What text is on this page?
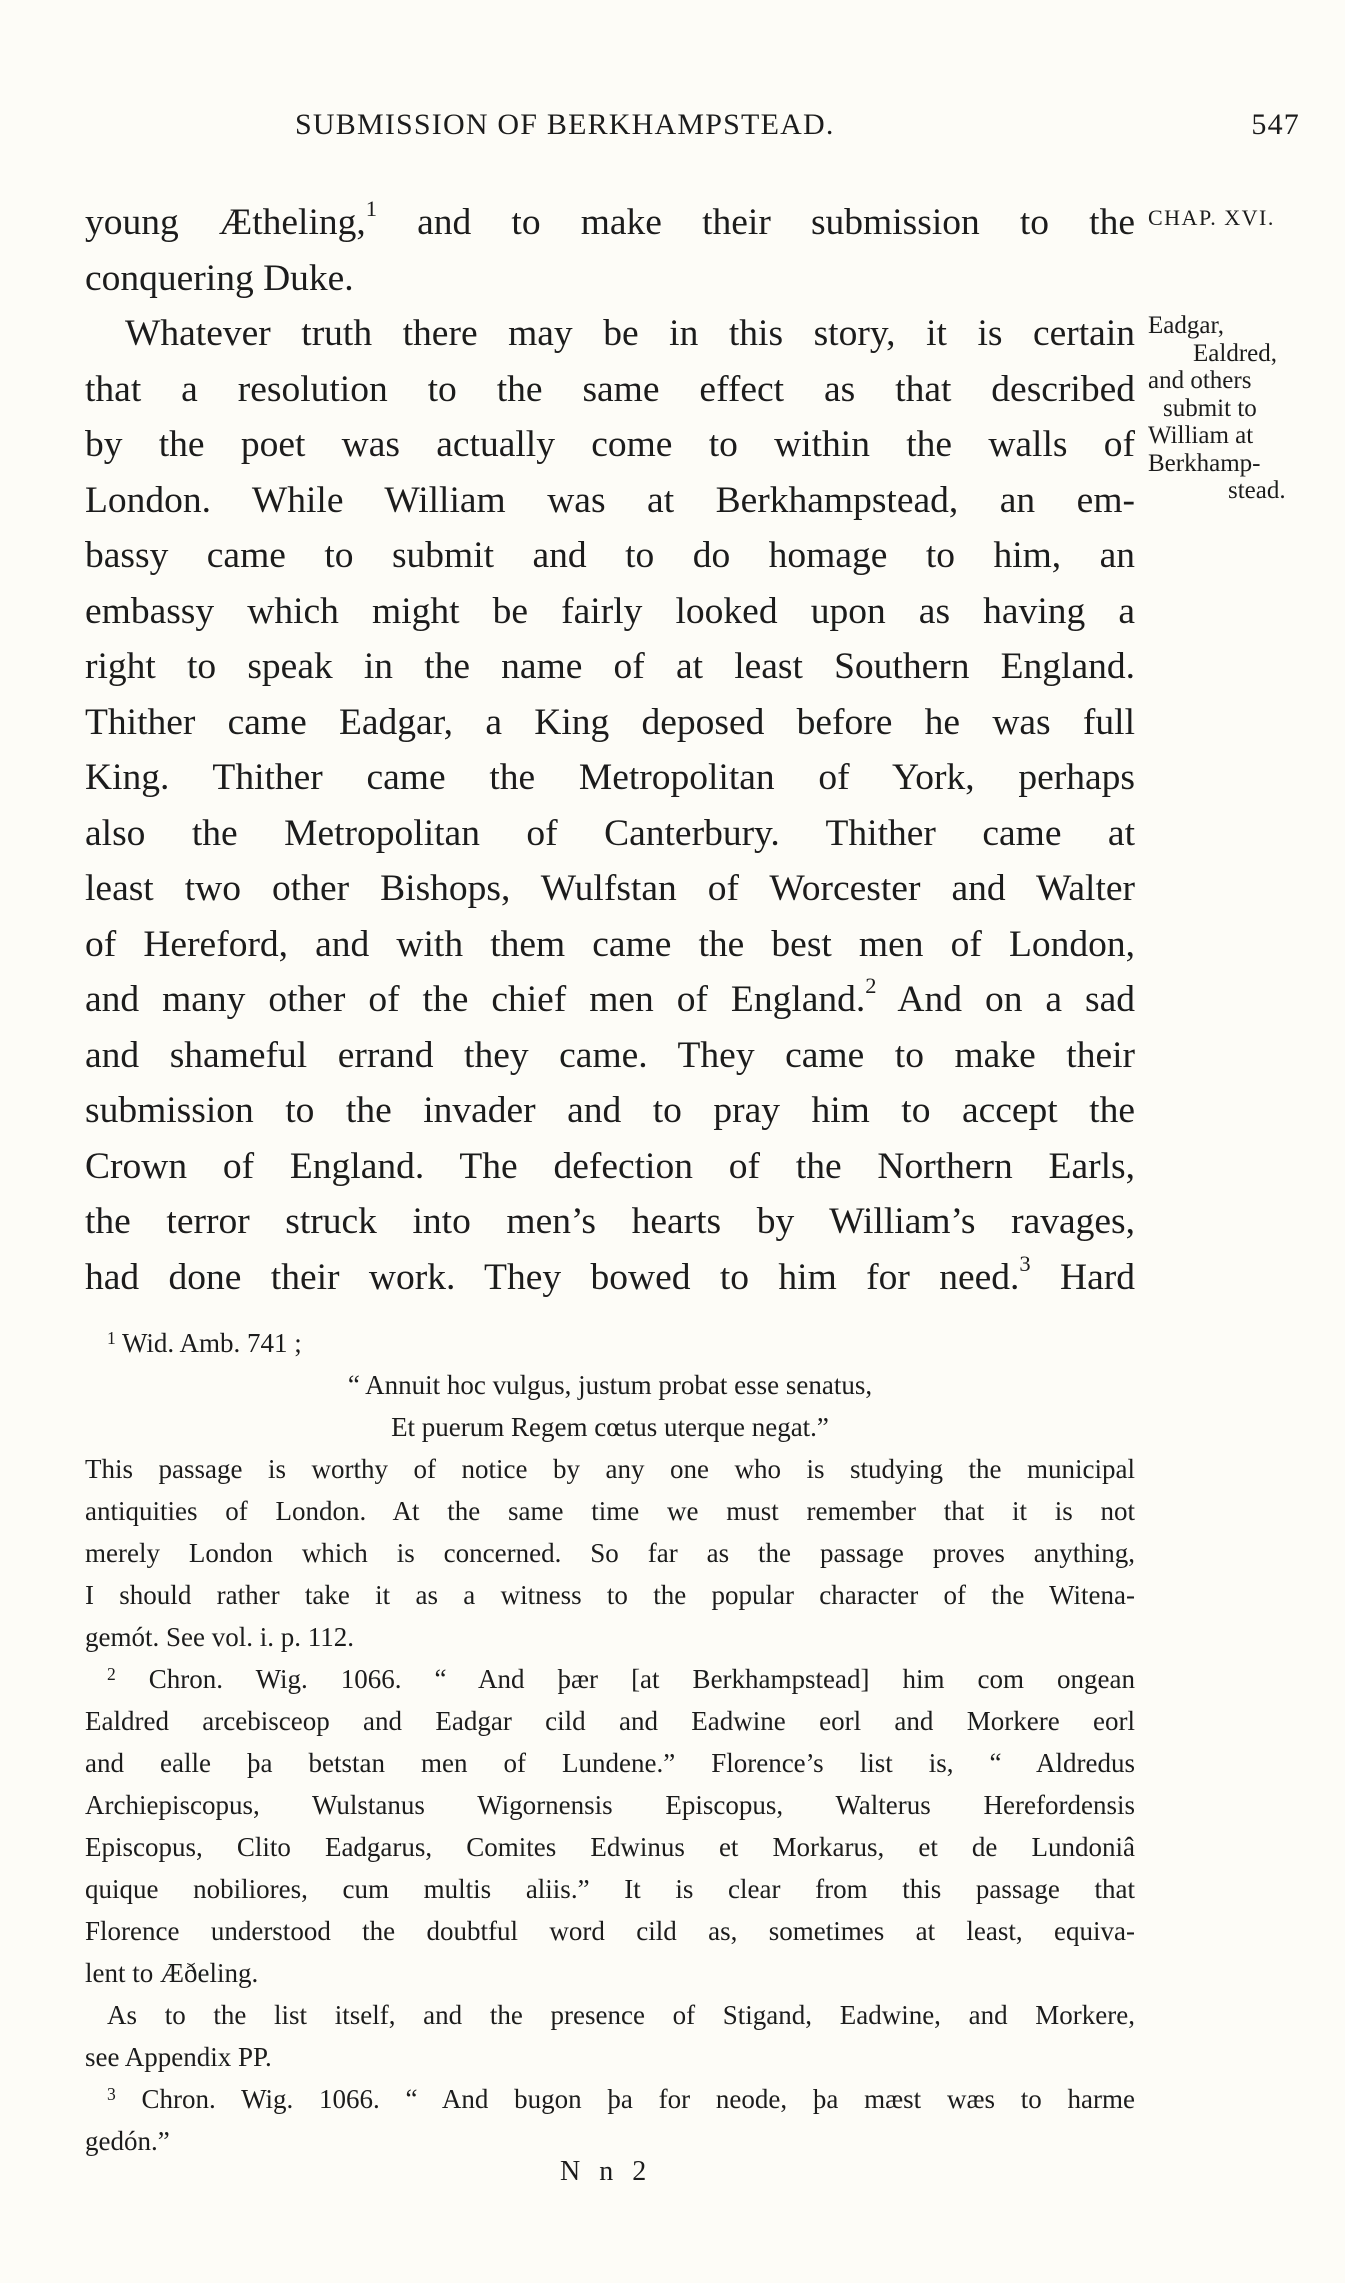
SUBMISSION OF BERKHAMPSTEAD.	547
CHAP. XVI.
Eadgar,
Ealdred,
and others
submit to
William at
Berkhamp-
stead.
young Ætheling,$^1$ and to make their submission to the
conquering Duke.
Whatever truth there may be in this story, it is certain
that a resolution to the same effect as that described
by the poet was actually come to within the walls of
London. While William was at Berkhampstead, an em-
bassy came to submit and to do homage to him, an
embassy which might be fairly looked upon as having a
right to speak in the name of at least Southern England.
Thither came Eadgar, a King deposed before he was full
King. Thither came the Metropolitan of York, perhaps
also the Metropolitan of Canterbury. Thither came at
least two other Bishops, Wulfstan of Worcester and Walter
of Hereford, and with them came the best men of London,
and many other of the chief men of England.$^2$ And on a sad
and shameful errand they came. They came to make their
submission to the invader and to pray him to accept the
Crown of England. The defection of the Northern Earls,
the terror struck into men’s hearts by William’s ravages,
had done their work. They bowed to him for need.$^3$ Hard
$^1$ Wid. Amb. 741 ;
“ Annuit hoc vulgus, justum probat esse senatus,
Et puerum Regem cœtus uterque negat.”
This passage is worthy of notice by any one who is studying the municipal
antiquities of London. At the same time we must remember that it is not
merely London which is concerned. So far as the passage proves anything,
I should rather take it as a witness to the popular character of the Witena-
gemót. See vol. i. p. 112.
$^2$ Chron. Wig. 1066. “ And þær [at Berkhampstead] him com ongean
Ealdred arcebisceop and Eadgar cild and Eadwine eorl and Morkere eorl
and ealle þa betstan men of Lundene.” Florence’s list is, “ Aldredus
Archiepiscopus, Wulstanus Wigornensis Episcopus, Walterus Herefordensis
Episcopus, Clito Eadgarus, Comites Edwinus et Morkarus, et de Lundoniâ
quique nobiliores, cum multis aliis.” It is clear from this passage that
Florence understood the doubtful word cild as, sometimes at least, equiva-
lent to Æðeling.
As to the list itself, and the presence of Stigand, Eadwine, and Morkere,
see Appendix PP.
$^3$ Chron. Wig. 1066. “ And bugon þa for neode, þa mæst wæs to harme
gedón.”
N n 2
